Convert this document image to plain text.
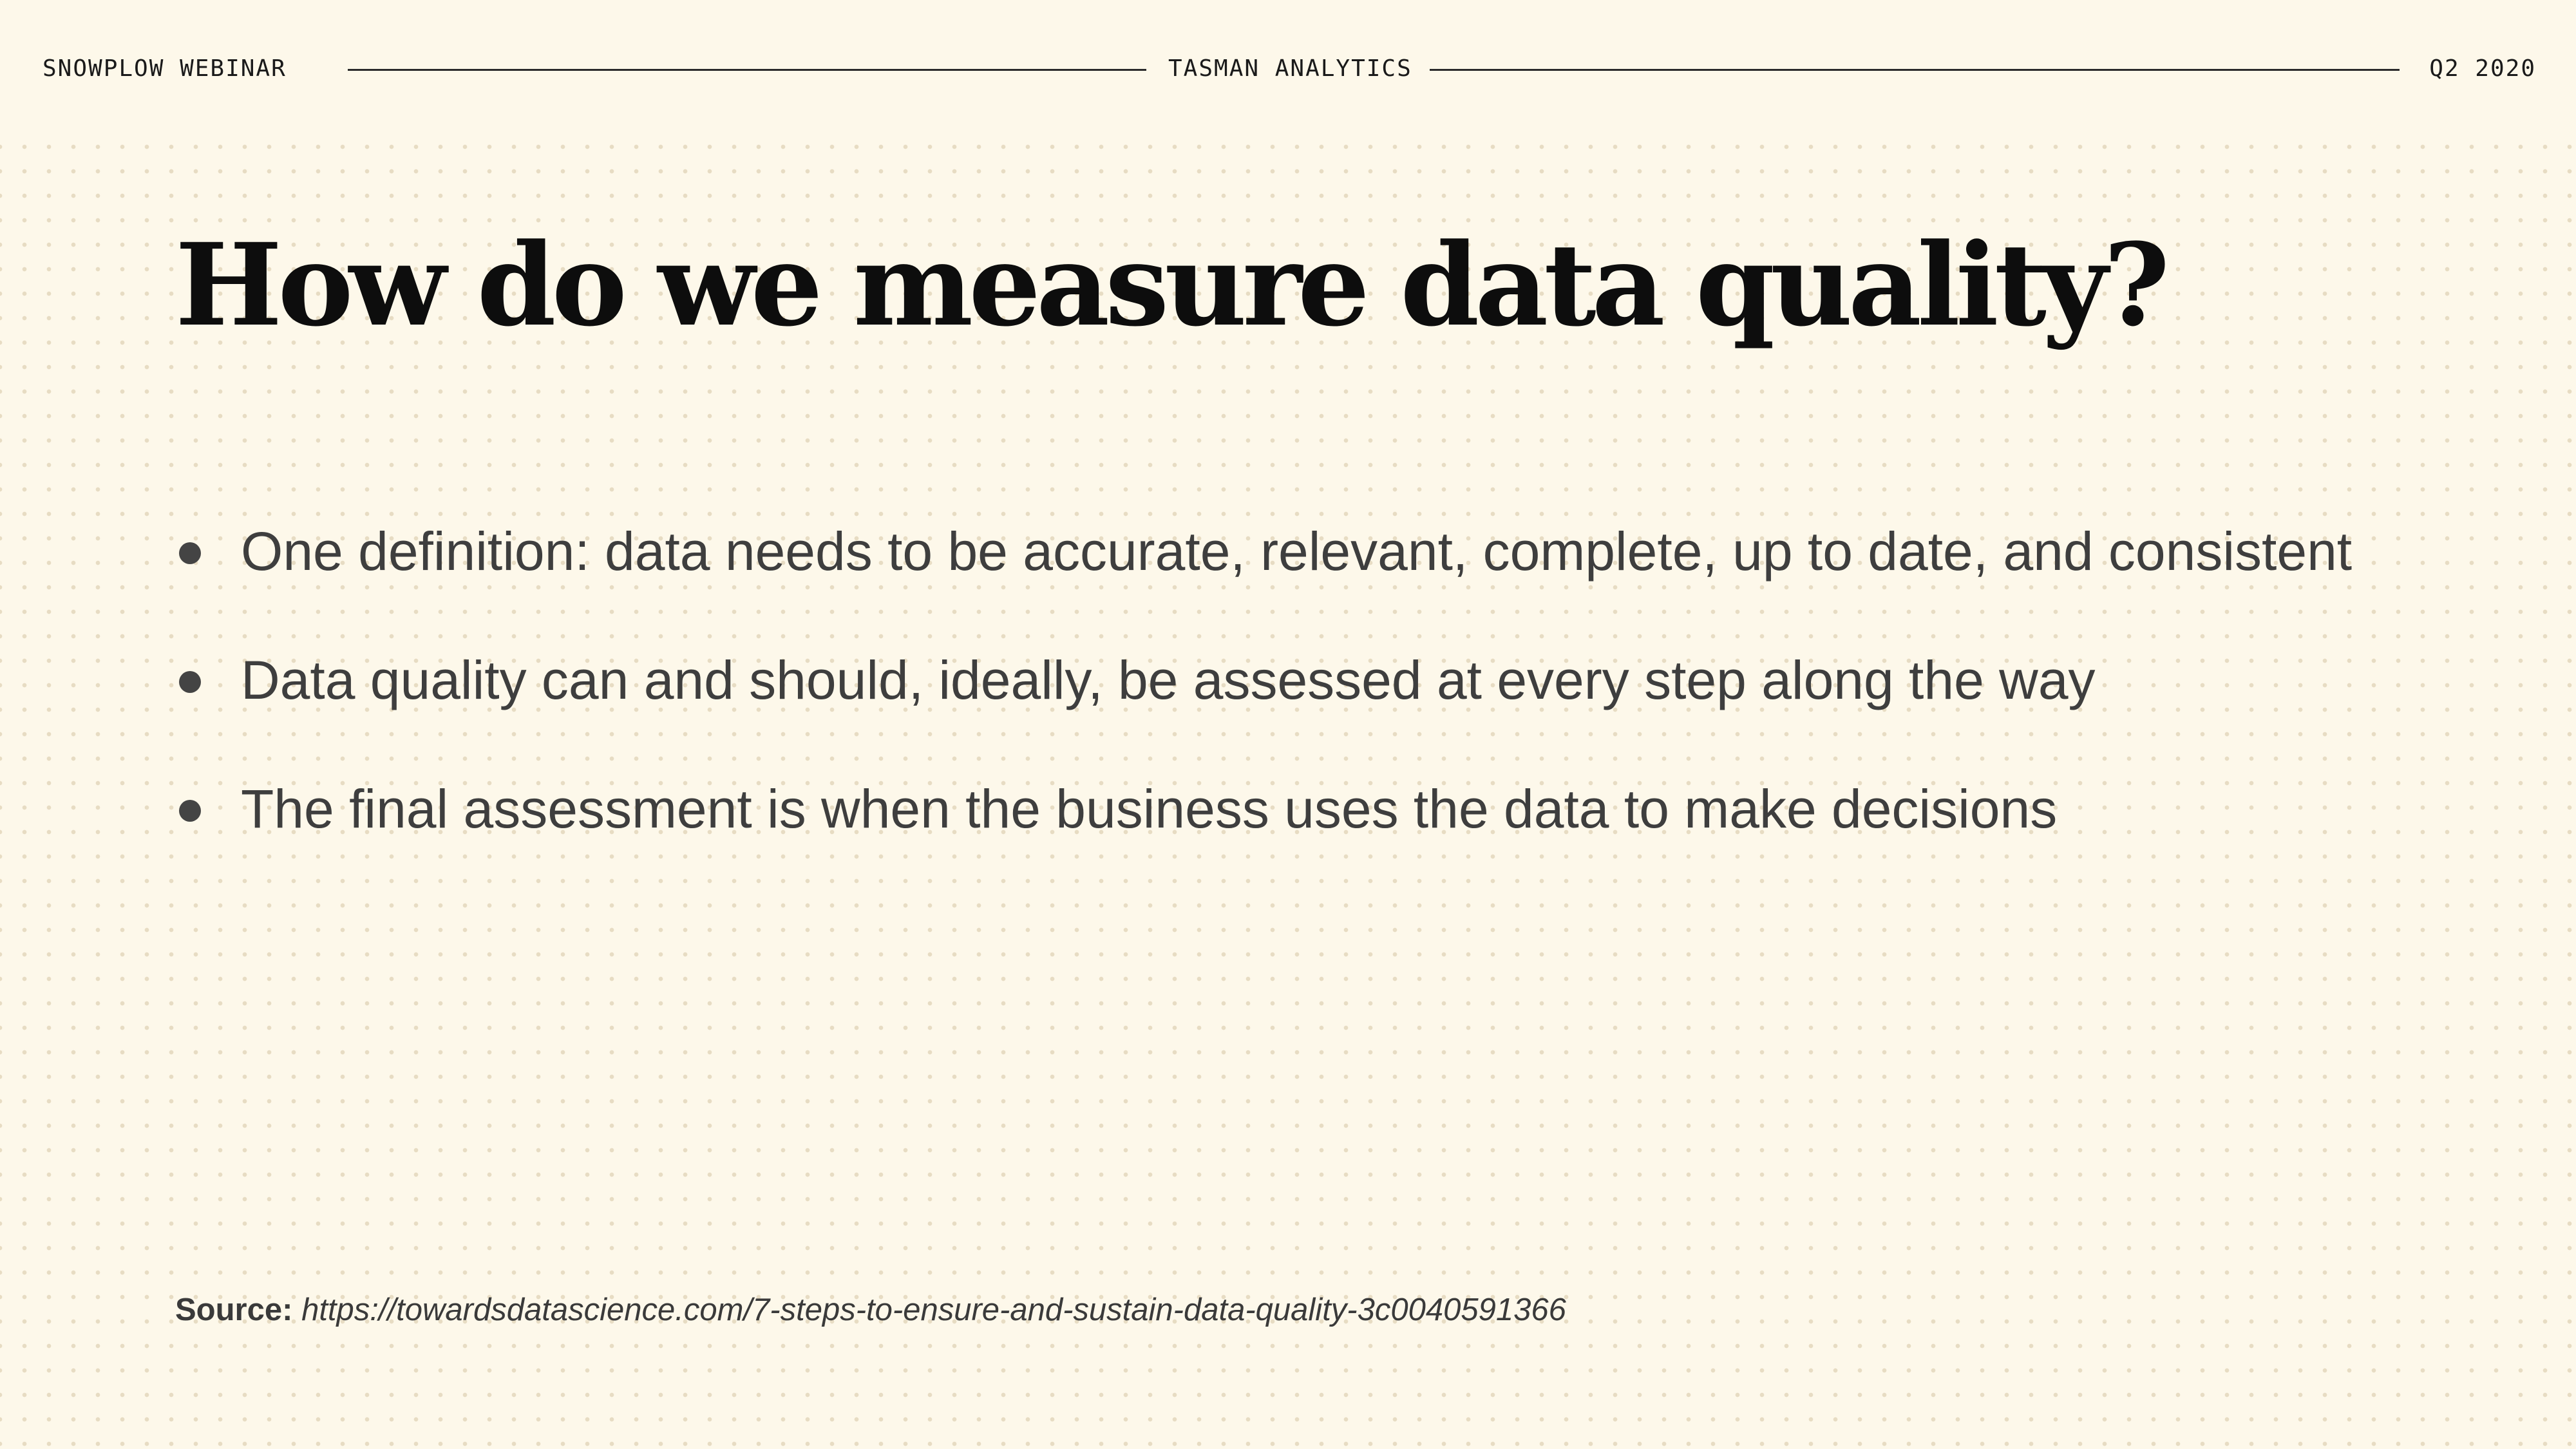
SNOWPLOW WEBINAR	TASMAN ANALYTICS	Q2 2020
How do we measure data quality?
One definition: data needs to be accurate, relevant, complete, up to date, and consistent
Data quality can and should, ideally, be assessed at every step along the way
The final assessment is when the business uses the data to make decisions
Source: https://towardsdatascience.com/7-steps-to-ensure-and-sustain-data-quality-3c0040591366
